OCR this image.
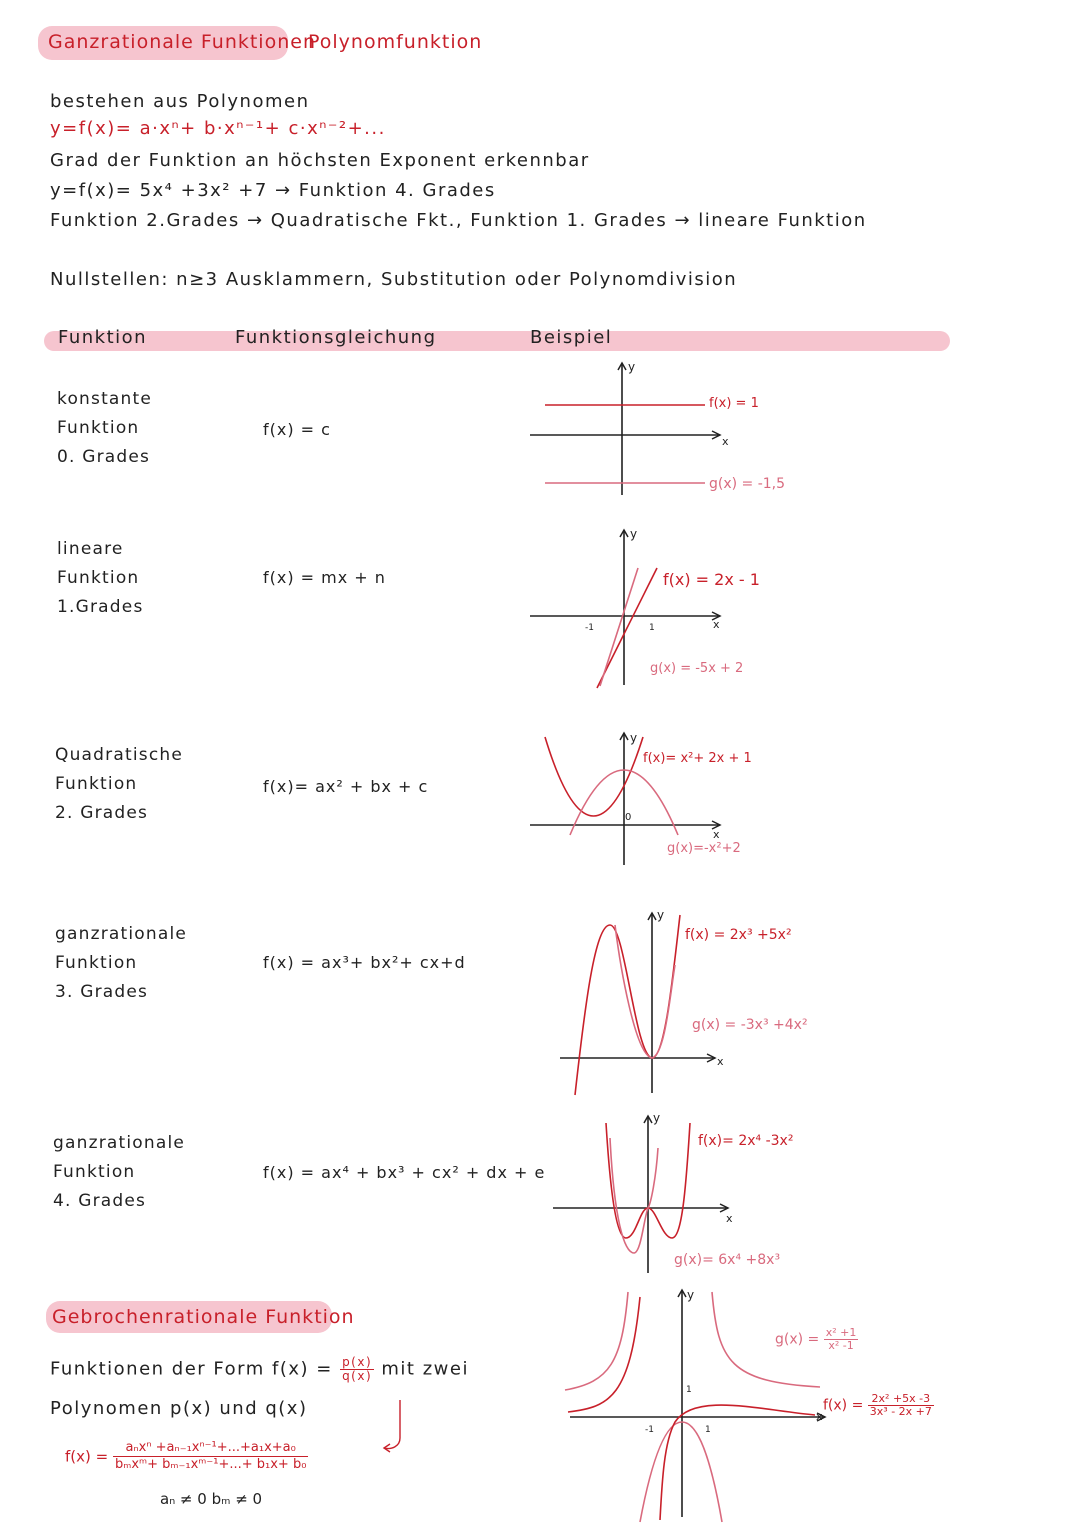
Ganzrationale Funktionen
Polynomfunktion
bestehen aus Polynomen
y=f(x)= a·xⁿ+ b·xⁿ⁻¹+ c·xⁿ⁻²+...
Grad der Funktion an höchsten Exponent erkennbar
y=f(x)= 5x⁴ +3x² +7 → Funktion 4. Grades
Funktion 2.Grades → Quadratische Fkt., Funktion 1. Grades → lineare Funktion
Nullstellen: n≥3 Ausklammern, Substitution oder Polynomdivision
Funktion	Funktionsgleichung	Beispiel
konstante
Funktion
0. Grades
f(x) = c
y
x
f(x) = 1
g(x) = -1,5
lineare
Funktion
1.Grades
f(x) = mx + n
y
x
1
-1
f(x) = 2x - 1
g(x) = -5x + 2
Quadratische
Funktion
2. Grades
f(x)= ax² + bx + c
y
x
0
f(x)= x²+ 2x + 1
g(x)=-x²+2
ganzrationale
Funktion
3. Grades
f(x) = ax³+ bx²+ cx+d
y
x
f(x) = 2x³ +5x²
g(x) = -3x³ +4x²
ganzrationale
Funktion
4. Grades
f(x) = ax⁴ + bx³ + cx² + dx + e
y
x
f(x)= 2x⁴ -3x²
g(x)= 6x⁴ +8x³
Gebrochenrationale Funktion
Funktionen der Form $f(x) = \frac{p(x)}{q(x)}$ mit zwei
Polynomen p(x) und q(x)
$f(x) = \frac{\text{aₙxⁿ +aₙ₋₁xⁿ⁻¹+...+a₁x+a₀}}{\text{bₘxᵐ+ bₘ₋₁xᵐ⁻¹+...+ b₁x+ b₀}}$
aₙ ≠ 0 bₘ ≠ 0
y
1
-1	1
$g(x) = \frac{\text{x² +1}}{\text{x² -1}}$
x
$f(x) = \frac{\text{2x² +5x -3}}{\text{3x³ - 2x +7}}$
